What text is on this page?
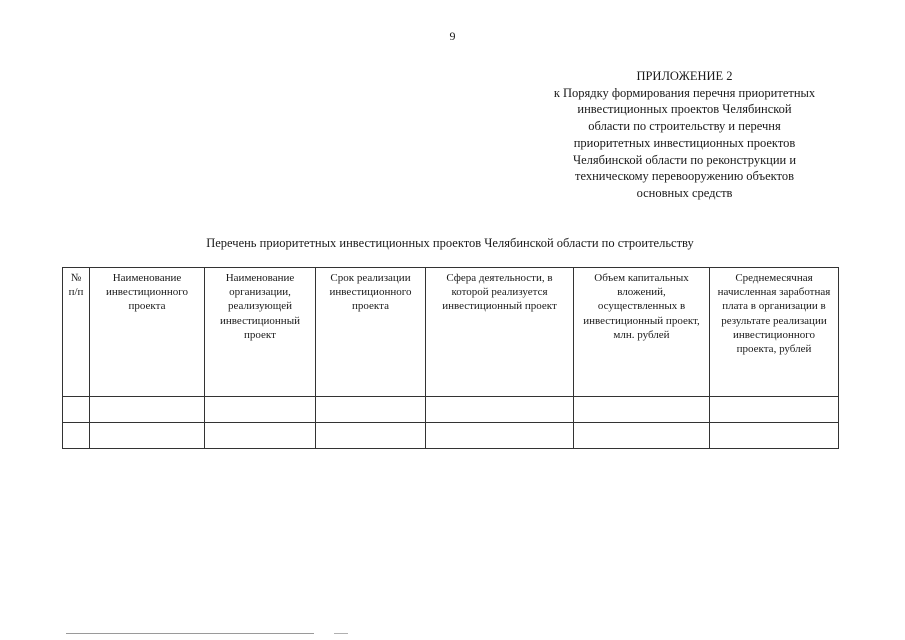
9
ПРИЛОЖЕНИЕ 2
к Порядку формирования перечня приоритетных
инвестиционных проектов Челябинской
области по строительству и перечня
приоритетных инвестиционных проектов
Челябинской области по реконструкции и
техническому перевооружению объектов
основных средств
Перечень приоритетных инвестиционных проектов Челябинской области по строительству
№ п/п	Наименование инвестиционного проекта	Наименование организации, реализующей инвестиционный проект	Срок реализации инвестиционного проекта	Сфера деятельности, в которой реализуется инвестиционный проект	Объем капитальных вложений, осуществленных в инвестиционный проект, млн. рублей	Среднемесячная начисленная заработная плата в организации в результате реализации инвестиционного проекта, рублей
